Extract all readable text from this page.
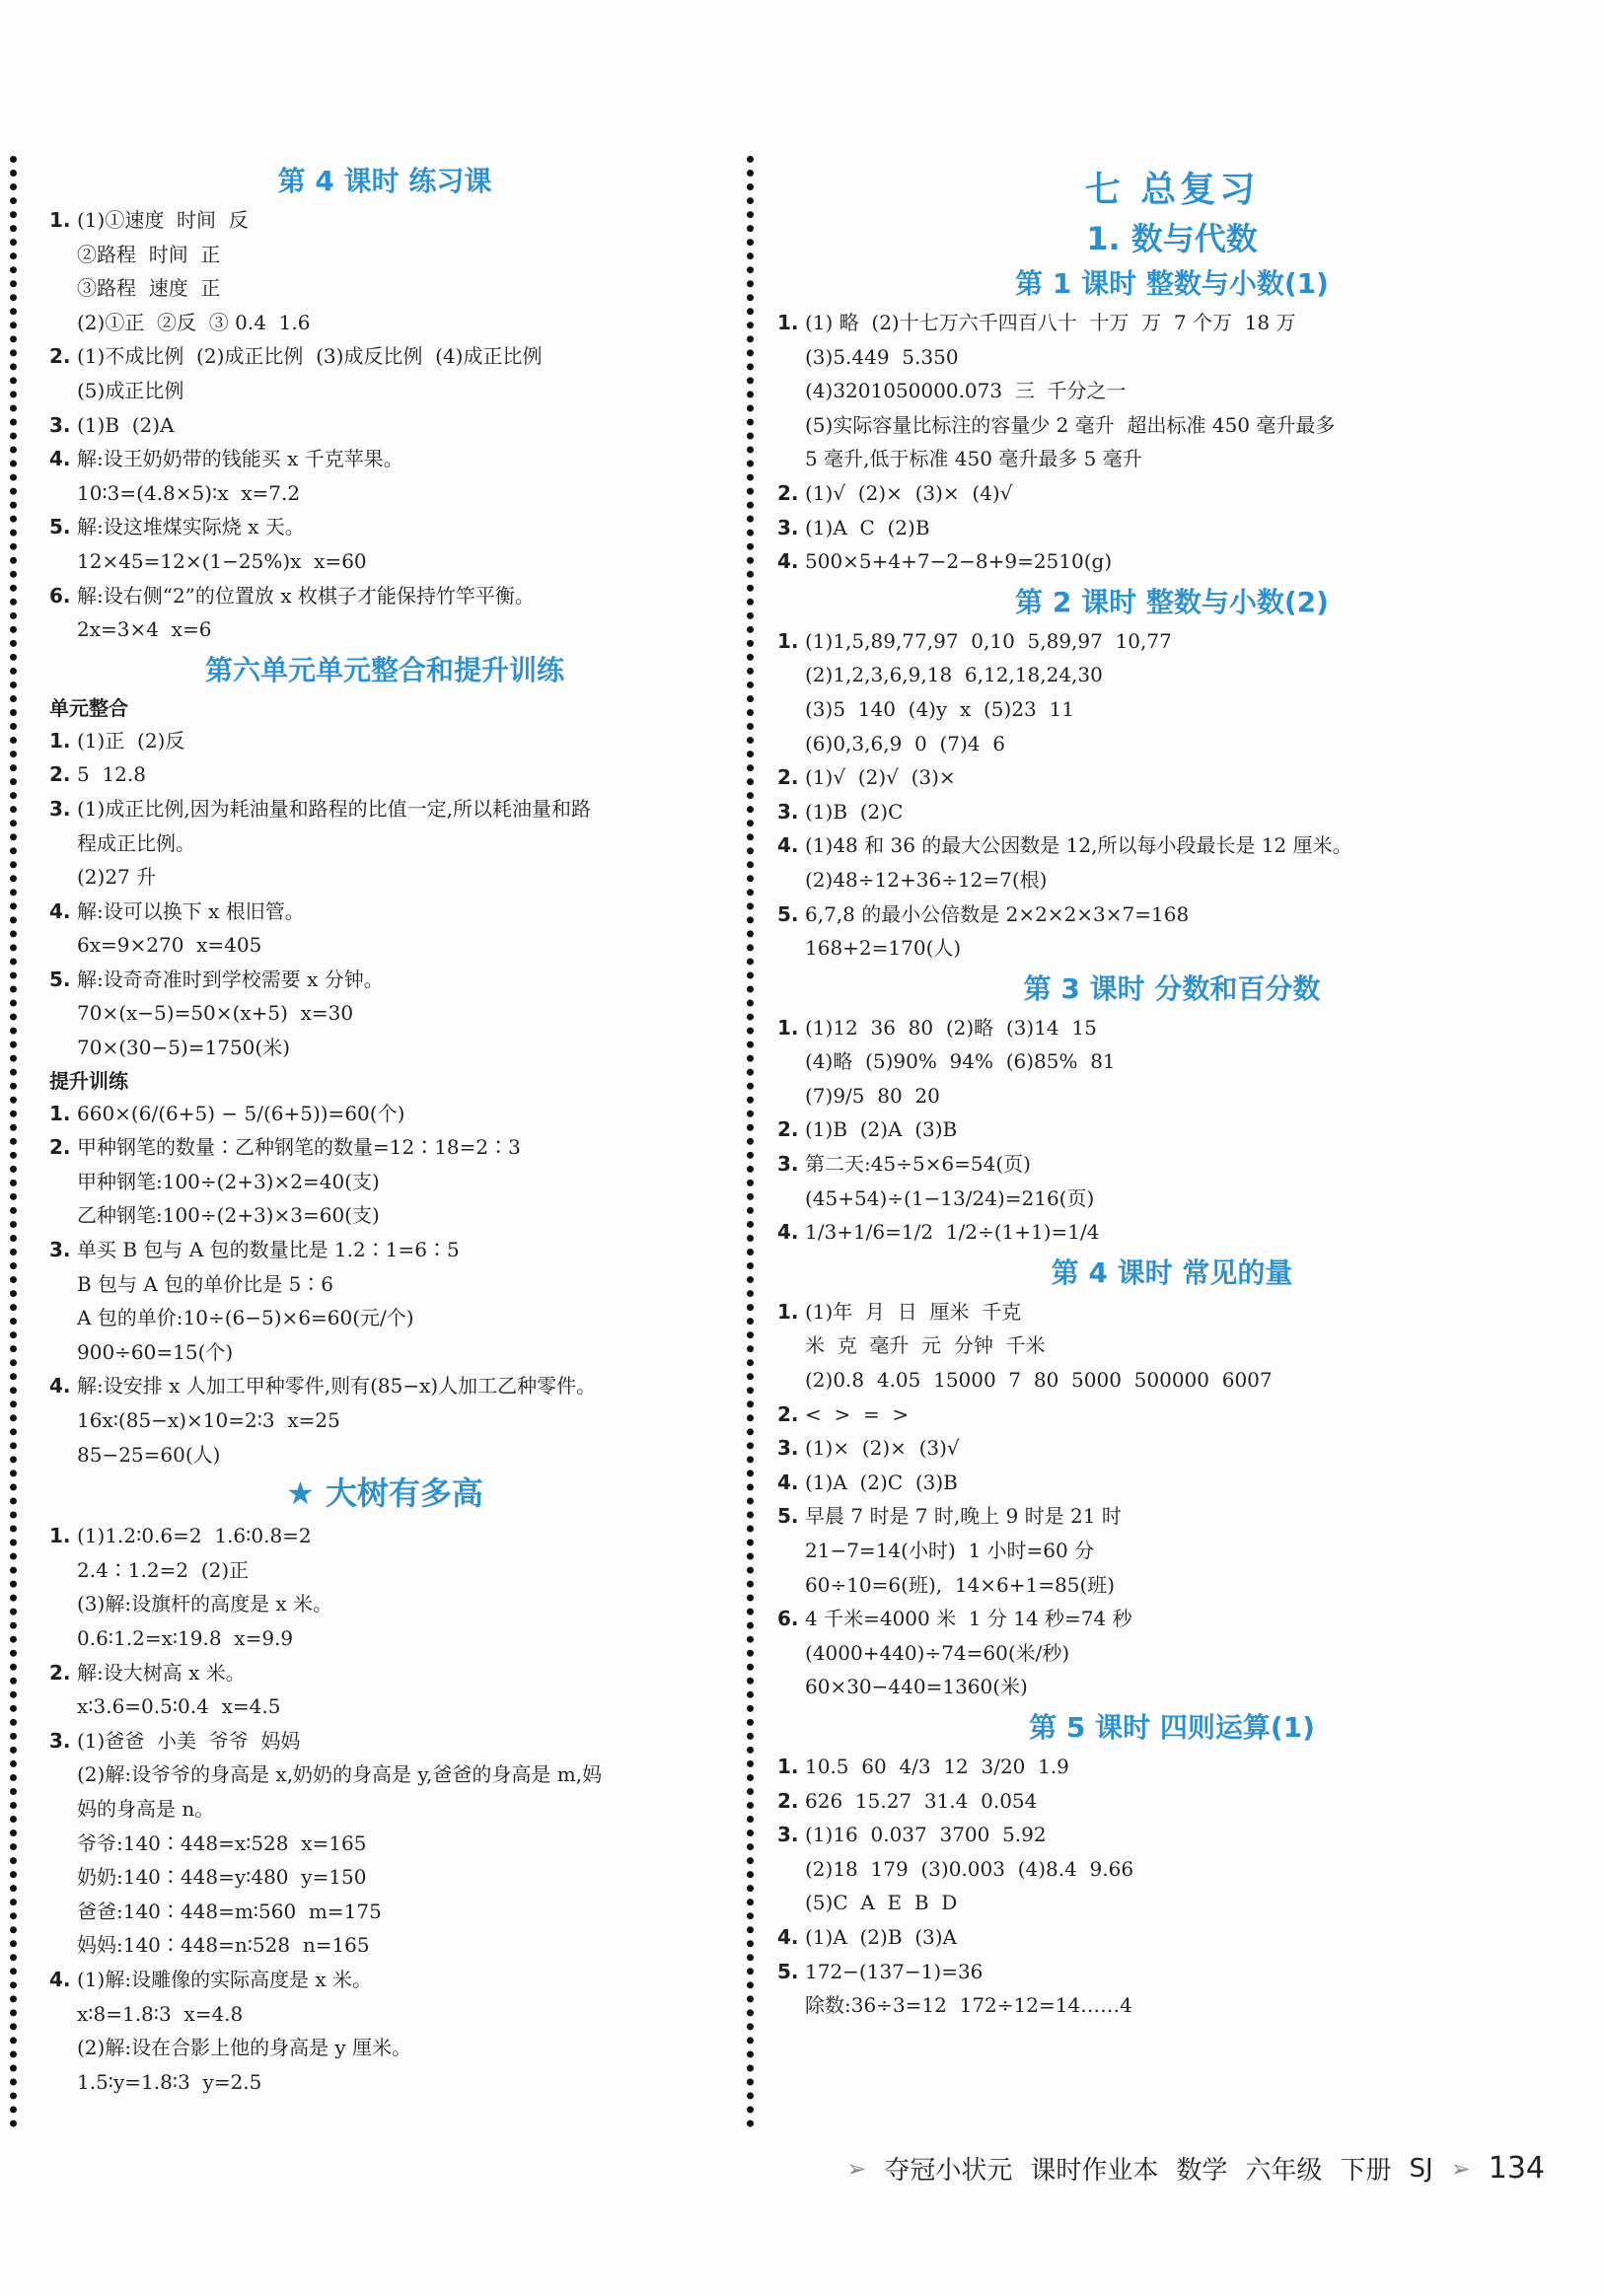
第 4 课时 练习课
1. (1)①速度  时间  反
②路程  时间  正
③路程  速度  正
(2)①正  ②反  ③ 0.4  1.6
2. (1)不成比例  (2)成正比例  (3)成反比例  (4)成正比例
(5)成正比例
3. (1)B  (2)A
4. 解:设王奶奶带的钱能买 x 千克苹果。
10∶3=(4.8×5)∶x  x=7.2
5. 解:设这堆煤实际烧 x 天。
12×45=12×(1−25%)x  x=60
6. 解:设右侧“2”的位置放 x 枚棋子才能保持竹竿平衡。
2x=3×4  x=6
第六单元单元整合和提升训练
单元整合
1. (1)正  (2)反
2. 5  12.8
3. (1)成正比例,因为耗油量和路程的比值一定,所以耗油量和路
程成正比例。
(2)27 升
4. 解:设可以换下 x 根旧管。
6x=9×270  x=405
5. 解:设奇奇准时到学校需要 x 分钟。
70×(x−5)=50×(x+5)  x=30
70×(30−5)=1750(米)
提升训练
1. 660×(6/(6+5) − 5/(6+5))=60(个)
2. 甲种钢笔的数量∶乙种钢笔的数量=12∶18=2∶3
甲种钢笔:100÷(2+3)×2=40(支)
乙种钢笔:100÷(2+3)×3=60(支)
3. 单买 B 包与 A 包的数量比是 1.2∶1=6∶5
B 包与 A 包的单价比是 5∶6
A 包的单价:10÷(6−5)×6=60(元/个)
900÷60=15(个)
4. 解:设安排 x 人加工甲种零件,则有(85−x)人加工乙种零件。
16x∶(85−x)×10=2∶3  x=25
85−25=60(人)
★ 大树有多高
1. (1)1.2∶0.6=2  1.6∶0.8=2
2.4∶1.2=2  (2)正
(3)解:设旗杆的高度是 x 米。
0.6∶1.2=x∶19.8  x=9.9
2. 解:设大树高 x 米。
x∶3.6=0.5∶0.4  x=4.5
3. (1)爸爸  小美  爷爷  妈妈
(2)解:设爷爷的身高是 x,奶奶的身高是 y,爸爸的身高是 m,妈
妈的身高是 n。
爷爷:140∶448=x∶528  x=165
奶奶:140∶448=y∶480  y=150
爸爸:140∶448=m∶560  m=175
妈妈:140∶448=n∶528  n=165
4. (1)解:设雕像的实际高度是 x 米。
x∶8=1.8∶3  x=4.8
(2)解:设在合影上他的身高是 y 厘米。
1.5∶y=1.8∶3  y=2.5
七 总复习
1. 数与代数
第 1 课时 整数与小数(1)
1. (1) 略  (2)十七万六千四百八十  十万  万  7 个万  18 万
(3)5.449  5.350
(4)3201050000.073  三  千分之一
(5)实际容量比标注的容量少 2 毫升  超出标准 450 毫升最多
5 毫升,低于标准 450 毫升最多 5 毫升
2. (1)√  (2)×  (3)×  (4)√
3. (1)A  C  (2)B
4. 500×5+4+7−2−8+9=2510(g)
第 2 课时 整数与小数(2)
1. (1)1,5,89,77,97  0,10  5,89,97  10,77
(2)1,2,3,6,9,18  6,12,18,24,30
(3)5  140  (4)y  x  (5)23  11
(6)0,3,6,9  0  (7)4  6
2. (1)√  (2)√  (3)×
3. (1)B  (2)C
4. (1)48 和 36 的最大公因数是 12,所以每小段最长是 12 厘米。
(2)48÷12+36÷12=7(根)
5. 6,7,8 的最小公倍数是 2×2×2×3×7=168
168+2=170(人)
第 3 课时 分数和百分数
1. (1)12  36  80  (2)略  (3)14  15
(4)略  (5)90%  94%  (6)85%  81
(7)9/5  80  20
2. (1)B  (2)A  (3)B
3. 第二天:45÷5×6=54(页)
(45+54)÷(1−13/24)=216(页)
4. 1/3+1/6=1/2  1/2÷(1+1)=1/4
第 4 课时 常见的量
1. (1)年  月  日  厘米  千克
米  克  毫升  元  分钟  千米
(2)0.8  4.05  15000  7  80  5000  500000  6007
2. <  >  =  >
3. (1)×  (2)×  (3)√
4. (1)A  (2)C  (3)B
5. 早晨 7 时是 7 时,晚上 9 时是 21 时
21−7=14(小时)  1 小时=60 分
60÷10=6(班),  14×6+1=85(班)
6. 4 千米=4000 米  1 分 14 秒=74 秒
(4000+440)÷74=60(米/秒)
60×30−440=1360(米)
第 5 课时 四则运算(1)
1. 10.5  60  4/3  12  3/20  1.9
2. 626  15.27  31.4  0.054
3. (1)16  0.037  3700  5.92
(2)18  179  (3)0.003  (4)8.4  9.66
(5)C  A  E  B  D
4. (1)A  (2)B  (3)A
5. 172−(137−1)=36
除数:36÷3=12  172÷12=14……4
➢ 夺冠小状元 课时作业本 数学 六年级 下册 SJ ➢ 134
